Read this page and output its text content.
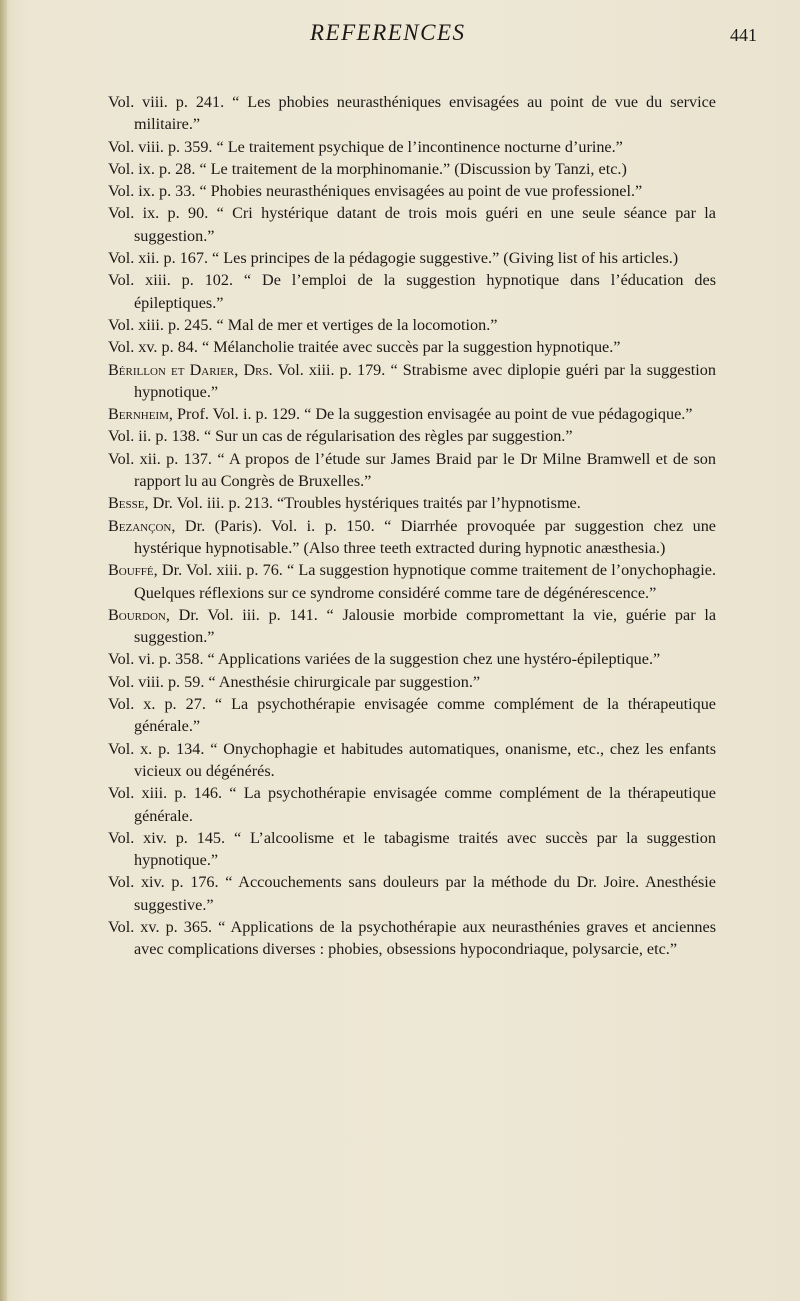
REFERENCES	441

Vol. viii. p. 241. “ Les phobies neurasthéniques envisagées au point de vue du service militaire.”

Vol. viii. p. 359. “ Le traitement psychique de l’incontinence nocturne d’urine.”

Vol. ix. p. 28. “ Le traitement de la morphinomanie.” (Discussion by Tanzi, etc.)

Vol. ix. p. 33. “ Phobies neurasthéniques envisagées au point de vue professionel.”

Vol. ix. p. 90. “ Cri hystérique datant de trois mois guéri en une seule séance par la suggestion.”

Vol. xii. p. 167. “ Les principes de la pédagogie suggestive.” (Giving list of his articles.)

Vol. xiii. p. 102. “ De l’emploi de la suggestion hypnotique dans l’éducation des épileptiques.”

Vol. xiii. p. 245. “ Mal de mer et vertiges de la locomotion.”

Vol. xv. p. 84. “ Mélancholie traitée avec succès par la suggestion hypnotique.”

Bérillon et Darier, Drs. Vol. xiii. p. 179. “ Strabisme avec diplopie guéri par la suggestion hypnotique.”

Bernheim, Prof. Vol. i. p. 129. “ De la suggestion envisagée au point de vue pédagogique.”

Vol. ii. p. 138. “ Sur un cas de régularisation des règles par suggestion.”

Vol. xii. p. 137. “ A propos de l’étude sur James Braid par le Dr Milne Bramwell et de son rapport lu au Congrès de Bruxelles.”

Besse, Dr. Vol. iii. p. 213. “Troubles hystériques traités par l’hypnotisme.

Bezançon, Dr. (Paris). Vol. i. p. 150. “ Diarrhée provoquée par suggestion chez une hystérique hypnotisable.” (Also three teeth extracted during hypnotic anæsthesia.)

Bouffé, Dr. Vol. xiii. p. 76. “ La suggestion hypnotique comme traitement de l’onychophagie. Quelques réflexions sur ce syndrome considéré comme tare de dégénérescence.”

Bourdon, Dr. Vol. iii. p. 141. “ Jalousie morbide compromettant la vie, guérie par la suggestion.”

Vol. vi. p. 358. “ Applications variées de la suggestion chez une hystéro-épileptique.”

Vol. viii. p. 59. “ Anesthésie chirurgicale par suggestion.”

Vol. x. p. 27. “ La psychothérapie envisagée comme complément de la thérapeutique générale.”

Vol. x. p. 134. “ Onychophagie et habitudes automatiques, onanisme, etc., chez les enfants vicieux ou dégénérés.

Vol. xiii. p. 146. “ La psychothérapie envisagée comme complément de la thérapeutique générale.

Vol. xiv. p. 145. “ L’alcoolisme et le tabagisme traités avec succès par la suggestion hypnotique.”

Vol. xiv. p. 176. “ Accouchements sans douleurs par la méthode du Dr. Joire. Anesthésie suggestive.”

Vol. xv. p. 365. “ Applications de la psychothérapie aux neurasthénies graves et anciennes avec complications diverses : phobies, obsessions hypocondriaque, polysarcie, etc.”
